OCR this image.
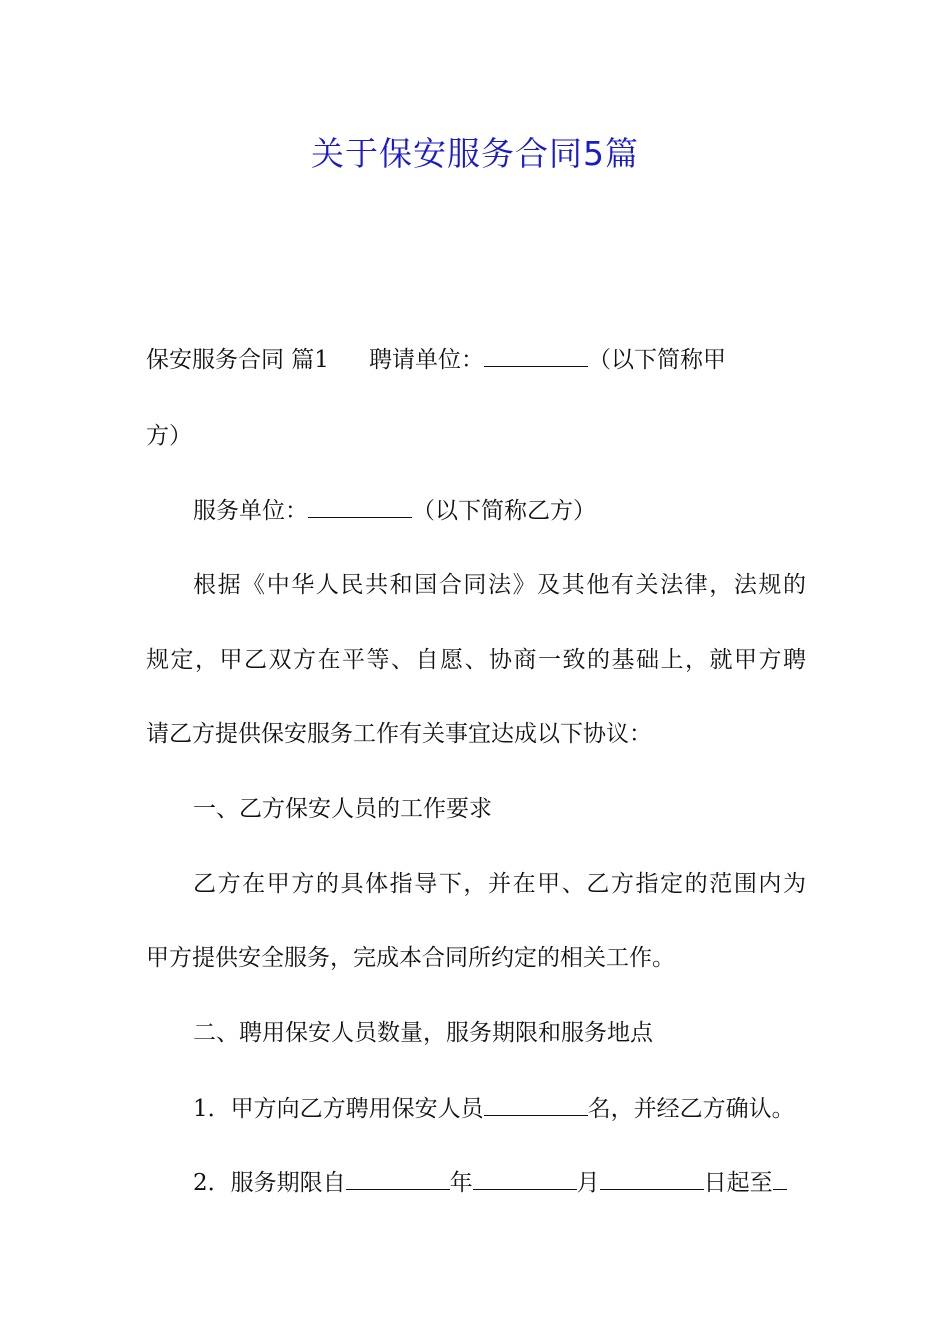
关于保安服务合同5篇

保安服务合同 篇1 聘请单位：	（以下简称甲

方）

服务单位：	（以下简称乙方）

根据《中华人民共和国合同法》及其他有关法律，法规的

规定，甲乙双方在平等、自愿、协商一致的基础上，就甲方聘

请乙方提供保安服务工作有关事宜达成以下协议：

一、乙方保安人员的工作要求

乙方在甲方的具体指导下，并在甲、乙方指定的范围内为

甲方提供安全服务，完成本合同所约定的相关工作。

二、聘用保安人员数量，服务期限和服务地点

1．甲方向乙方聘用保安人员	名，并经乙方确认。

2．服务期限自	年	月	日起至
